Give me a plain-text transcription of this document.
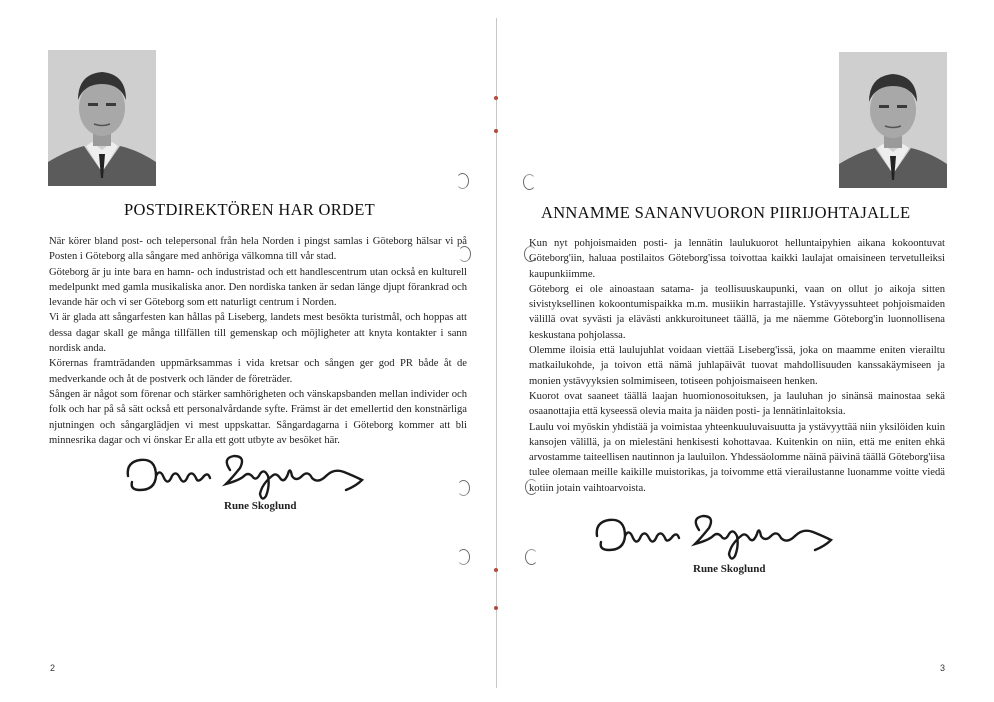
POSTDIREKTÖREN HAR ORDET

När körer bland post- och telepersonal från hela Norden i pingst samlas i Göteborg hälsar vi på Posten i Göteborg alla sångare med anhöriga välkomna till vår stad.

Göteborg är ju inte bara en hamn- och industristad och ett handlescentrum utan också en kulturell medelpunkt med gamla musikaliska anor. Den nordiska tanken är sedan länge djupt förankrad och levande här och vi ser Göteborg som ett naturligt centrum i Norden.

Vi är glada att sångarfesten kan hållas på Liseberg, landets mest besökta turistmål, och hoppas att dessa dagar skall ge många tillfällen till gemenskap och möjligheter att knyta kontakter i sann nordisk anda.

Körernas framträdanden uppmärksammas i vida kretsar och sången ger god PR både åt de medverkande och åt de postverk och länder de företräder.

Sången är något som förenar och stärker samhörigheten och vänskapsbanden mellan individer och folk och har på så sätt också ett personalvårdande syfte. Främst är det emellertid den konstnärliga njutningen och sångarglädjen vi mest uppskattar. Sångardagarna i Göteborg kommer att bli minnesrika dagar och vi önskar Er alla ett gott utbyte av besöket här.

Rune Skoglund
2
ANNAMME SANANVUORON PIIRIJOHTAJALLE

Kun nyt pohjoismaiden posti- ja lennätin laulukuorot helluntaipyhien aikana kokoontuvat Göteborg'iin, haluaa postilaitos Göteborg'issa toivottaa kaikki laulajat omaisineen tervetulleiksi kaupunkiimme.

Göteborg ei ole ainoastaan satama- ja teollisuuskaupunki, vaan on ollut jo aikoja sitten sivistyksellinen kokoontumispaikka m.m. musiikin harrastajille. Ystävyyssuhteet pohjoismaiden välillä ovat syvästi ja elävästi ankkuroituneet täällä, ja me näemme Göteborg'in luonnollisena keskustana pohjolassa.

Olemme iloisia että laulujuhlat voidaan viettää Liseberg'issä, joka on maamme eniten vierailtu matkailukohde, ja toivon että nämä juhlapäivät tuovat mahdollisuuden kanssakäymiseen ja monien ystävyyksien solmimiseen, totiseen pohjoismaiseen henken.

Kuorot ovat saaneet täällä laajan huomionosoituksen, ja lauluhan jo sinänsä mainostaa sekä osaanottajia että kyseessä olevia maita ja näiden posti- ja lennätinlaitoksia.

Laulu voi myöskin yhdistää ja voimistaa yhteenkuuluvaisuutta ja ystävyyttää niin yksilöiden kuin kansojen välillä, ja on mielestäni henkisesti kohottavaa. Kuitenkin on niin, että me eniten ehkä arvostamme taiteellisen nautinnon ja lauluilon. Yhdessäolomme näinä päivinä täällä Göteborg'iisa tulee olemaan meille kaikille muistorikas, ja toivomme että vierailustanne luonamme voitte viedä kotiin jotain vaihtoarvoista.

Rune Skoglund
3
